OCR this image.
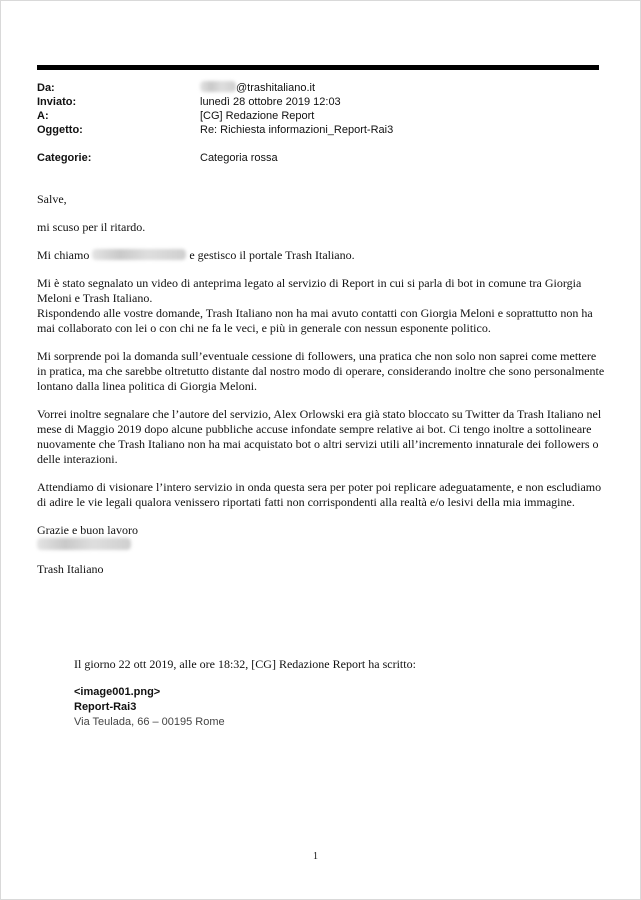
Da:	@trashitaliano.it
Inviato:	lunedì 28 ottobre 2019 12:03
A:	[CG] Redazione Report
Oggetto:	Re: Richiesta informazioni_Report-Rai3
Categorie:	Categoria rossa

Salve,

mi scuso per il ritardo.

Mi chiamo	e gestisco il portale Trash Italiano.

Mi è stato segnalato un video di anteprima legato al servizio di Report in cui si parla di bot in comune tra Giorgia Meloni e Trash Italiano.
Rispondendo alle vostre domande, Trash Italiano non ha mai avuto contatti con Giorgia Meloni e soprattutto non ha mai collaborato con lei o con chi ne fa le veci, e più in generale con nessun esponente politico.

Mi sorprende poi la domanda sull’eventuale cessione di followers, una pratica che non solo non saprei come mettere in pratica, ma che sarebbe oltretutto distante dal nostro modo di operare, considerando inoltre che sono personalmente lontano dalla linea politica di Giorgia Meloni.

Vorrei inoltre segnalare che l’autore del servizio, Alex Orlowski era già stato bloccato su Twitter da Trash Italiano nel mese di Maggio 2019 dopo alcune pubbliche accuse infondate sempre relative ai bot. Ci tengo inoltre a sottolineare nuovamente che Trash Italiano non ha mai acquistato bot o altri servizi utili all’incremento innaturale dei followers o delle interazioni.

Attendiamo di visionare l’intero servizio in onda questa sera per poter poi replicare adeguatamente, e non escludiamo di adire le vie legali qualora venissero riportati fatti non corrispondenti alla realtà e/o lesivi della mia immagine.

Grazie e buon lavoro

Trash Italiano

Il giorno 22 ott 2019, alle ore 18:32, [CG] Redazione Report ha scritto:

<image001.png>
Report-Rai3
Via Teulada, 66 – 00195 Rome
1
